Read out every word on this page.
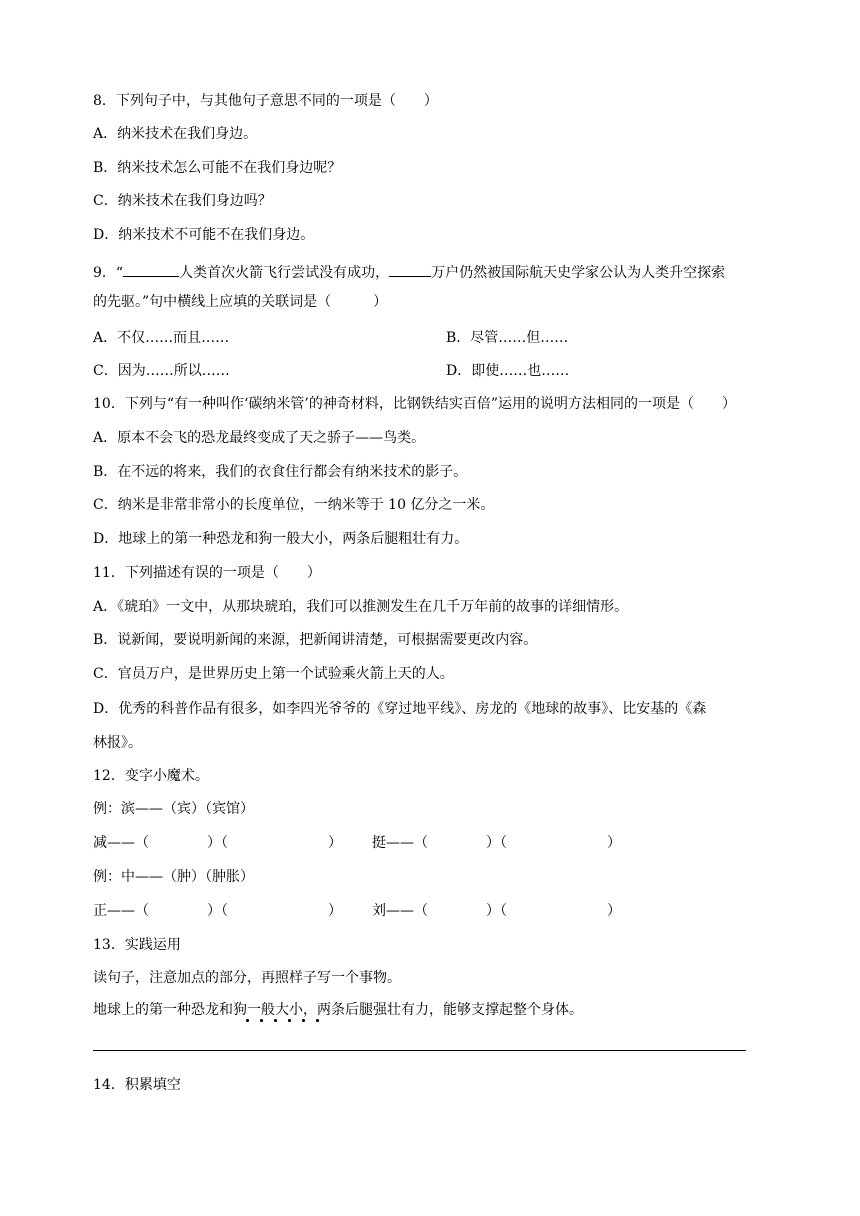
8．下列句子中，与其他句子意思不同的一项是（　　）
A．纳米技术在我们身边。
B．纳米技术怎么可能不在我们身边呢？
C．纳米技术在我们身边吗？
D．纳米技术不可能不在我们身边。
9．“	人类首次火箭飞行尝试没有成功，	万户仍然被国际航天史学家公认为人类升空探索
的先驱。”句中横线上应填的关联词是（　　　）
A．不仅……而且……	B．尽管……但……
C．因为……所以……	D．即使……也……
10．下列与“有一种叫作‘碳纳米管’的神奇材料，比钢铁结实百倍”运用的说明方法相同的一项是（　　）
A．原本不会飞的恐龙最终变成了天之骄子——鸟类。
B．在不远的将来，我们的衣食住行都会有纳米技术的影子。
C．纳米是非常非常小的长度单位，一纳米等于 10 亿分之一米。
D．地球上的第一种恐龙和狗一般大小，两条后腿粗壮有力。
11．下列描述有误的一项是（　　）
A．《琥珀》一文中，从那块琥珀，我们可以推测发生在几千万年前的故事的详细情形。
B．说新闻，要说明新闻的来源，把新闻讲清楚，可根据需要更改内容。
C．官员万户，是世界历史上第一个试验乘火箭上天的人。
D．优秀的科普作品有很多，如李四光爷爷的《穿过地平线》、房龙的《地球的故事》、比安基的《森
林报》。
12．变字小魔术。
例：滨——（宾）（宾馆）
减——（	）（	） 挺——（	）（	）
例：中——（肿）（肿胀）
正——（	）（	） 刘——（	）（	）
13．实践运用
读句子，注意加点的部分，再照样子写一个事物。
地球上的第一种恐龙和狗一般大小，两条后腿强壮有力，能够支撑起整个身体。
14．积累填空
